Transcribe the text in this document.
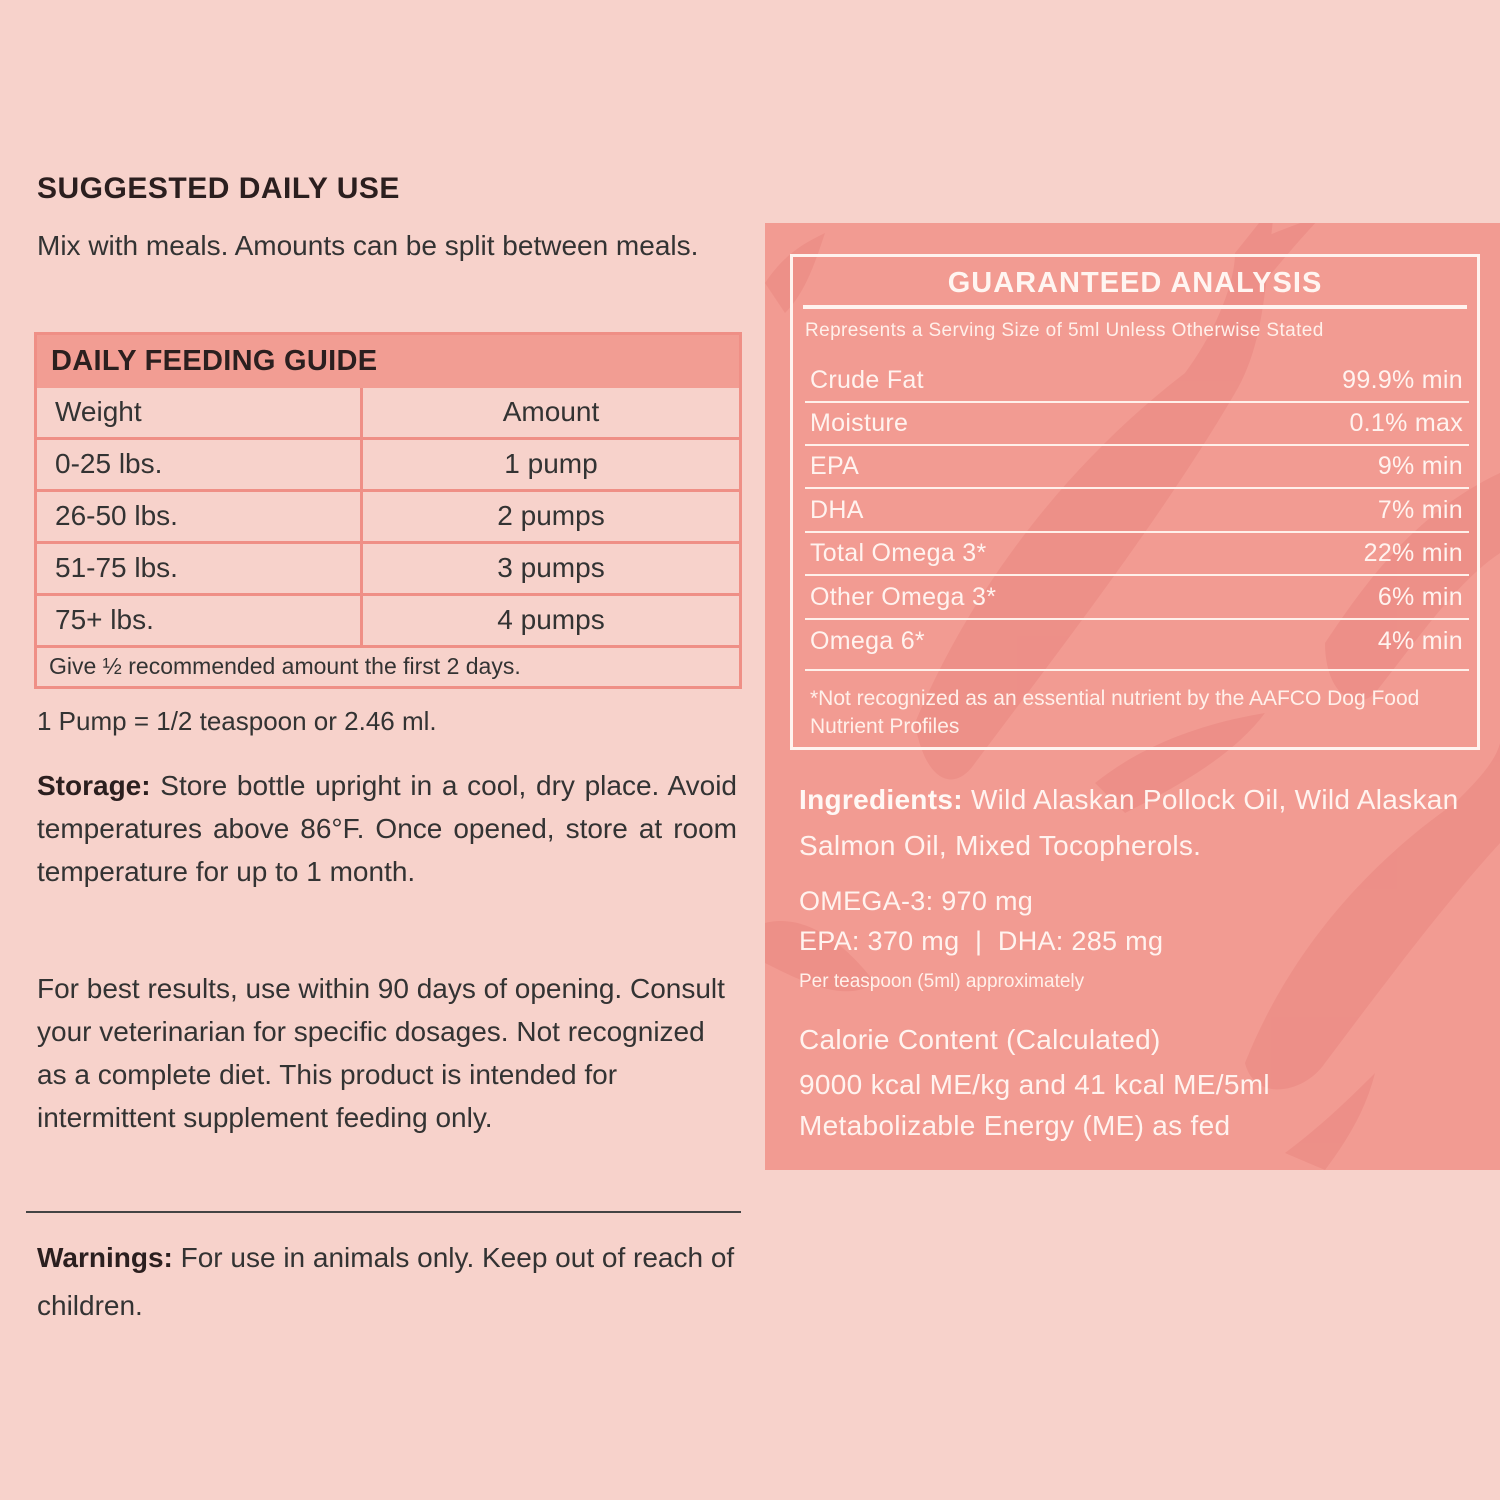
SUGGESTED DAILY USE
Mix with meals. Amounts can be split between meals.
DAILY FEEDING GUIDE
Weight	Amount
0-25 lbs.	1 pump
26-50 lbs.	2 pumps
51-75 lbs.	3 pumps
75+ lbs.	4 pumps
Give ½ recommended amount the first 2 days.
1 Pump = 1/2 teaspoon or 2.46 ml.
Storage: Store bottle upright in a cool, dry place. Avoid temperatures above 86°F. Once opened, store at room temperature for up to 1 month.
For best results, use within 90 days of opening. Consult your veterinarian for specific dosages. Not recognized as a complete diet. This product is intended for intermittent supplement feeding only.
Warnings: For use in animals only. Keep out of reach of children.
GUARANTEED ANALYSIS
Represents a Serving Size of 5ml Unless Otherwise Stated
Crude Fat	99.9% min
Moisture	0.1% max
EPA	9% min
DHA	7% min
Total Omega 3*	22% min
Other Omega 3*	6% min
Omega 6*	4% min
*Not recognized as an essential nutrient by the AAFCO Dog Food Nutrient Profiles
Ingredients: Wild Alaskan Pollock Oil, Wild Alaskan Salmon Oil, Mixed Tocopherols.
OMEGA-3: 970 mg
EPA: 370 mg  |  DHA: 285 mg
Per teaspoon (5ml) approximately
Calorie Content (Calculated)
9000 kcal ME/kg and 41 kcal ME/5ml
Metabolizable Energy (ME) as fed
